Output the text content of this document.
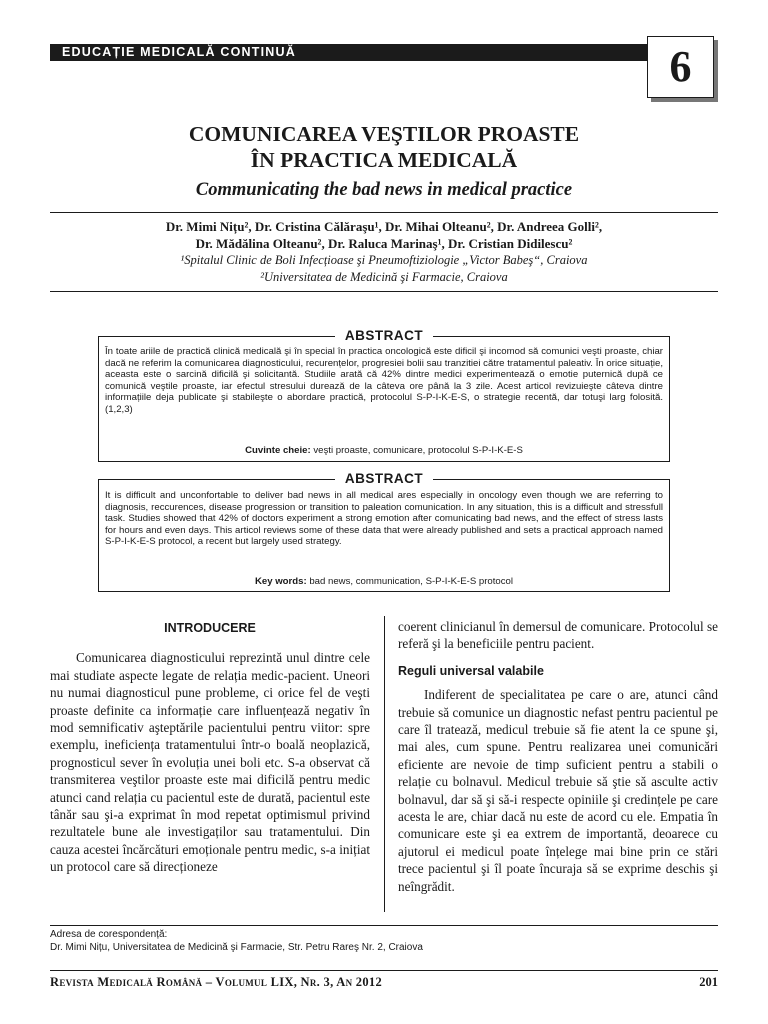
EDUCAȚIE MEDICALĂ CONTINUĂ	6
COMUNICAREA VEŞTILOR PROASTE
ÎN PRACTICA MEDICALĂ
Communicating the bad news in medical practice
Dr. Mimi Nițu², Dr. Cristina Călăraşu¹, Dr. Mihai Olteanu², Dr. Andreea Golli²,
Dr. Mădălina Olteanu², Dr. Raluca Marinaş¹, Dr. Cristian Didilescu²
¹Spitalul Clinic de Boli Infecțioase şi Pneumoftiziologie „Victor Babeş“, Craiova
²Universitatea de Medicină şi Farmacie, Craiova
ABSTRACT
În toate ariile de practică clinică medicală şi în special în practica oncologică este dificil şi incomod să comunici veşti proaste, chiar dacă ne referim la comunicarea diagnosticului, recurențelor, progresiei bolii sau tranzitiei către tratamentul paleativ. În orice situație, aceasta este o sarcină dificilă şi solicitantă. Studiile arată că 42% dintre medici experimentează o emotie puternică după ce comunică veştile proaste, iar efectul stresului durează de la câteva ore până la 3 zile. Acest articol revizuieşte câteva dintre informațiile deja publicate şi stabileşte o abordare practică, protocolul S-P-I-K-E-S, o strategie recentă, dar totuşi larg folosită. (1,2,3)
Cuvinte cheie: veşti proaste, comunicare, protocolul S-P-I-K-E-S
ABSTRACT
It is difficult and unconfortable to deliver bad news in all medical ares especially in oncology even though we are referring to diagnosis, reccurences, disease progression or transition to paleation comunication. In any situation, this is a difficult and stressfull task. Studies showed that 42% of doctors experiment a strong emotion after comunicating bad news, and the effect of stress lasts for hours and even days. This articol reviews some of these data that were already published and sets a practical approach named S-P-I-K-E-S protocol, a recent but largely used strategy.
Key words: bad news, communication, S-P-I-K-E-S protocol
INTRODUCERE

Comunicarea diagnosticului reprezintă unul dintre cele mai studiate aspecte legate de relația medic-pacient. Uneori nu numai diagnosticul pune probleme, ci orice fel de veşti proaste definite ca informație care influențează negativ în mod semnificativ aşteptările pacientului pentru viitor: spre exemplu, ineficiența tratamentului într-o boală neoplazică, prognosticul sever în evoluția unei boli etc. S-a observat că transmiterea veştilor proaste este mai dificilă pentru medic atunci cand relația cu pacientul este de durată, pacientul este tânăr sau şi-a exprimat în mod repetat optimismul privind rezultatele bune ale investigaților sau tratamentului. Din cauza acestei încărcături emoționale pentru medic, s-a inițiat un protocol care să direcționeze

coerent clinicianul în demersul de comunicare. Protocolul se referă şi la beneficiile pentru pacient.

Reguli universal valabile

Indiferent de specialitatea pe care o are, atunci când trebuie să comunice un diagnostic nefast pentru pacientul pe care îl tratează, medicul trebuie să fie atent la ce spune şi, mai ales, cum spune. Pentru realizarea unei comunicări eficiente are nevoie de timp suficient pentru a stabili o relație cu bolnavul. Medicul trebuie să ştie să asculte activ bolnavul, dar să şi să-i respecte opiniile şi credințele pe care acesta le are, chiar dacă nu este de acord cu ele. Empatia în comunicare este şi ea extrem de importantă, deoarece cu ajutorul ei medicul poate înțelege mai bine prin ce stări trece pacientul şi îl poate încuraja să se exprime deschis şi neîngrădit.

Adresa de corespondență:
Dr. Mimi Nițu, Universitatea de Medicină şi Farmacie, Str. Petru Rareş Nr. 2, Craiova
Revista Medicală Română – Volumul LIX, Nr. 3, An 2012	201
